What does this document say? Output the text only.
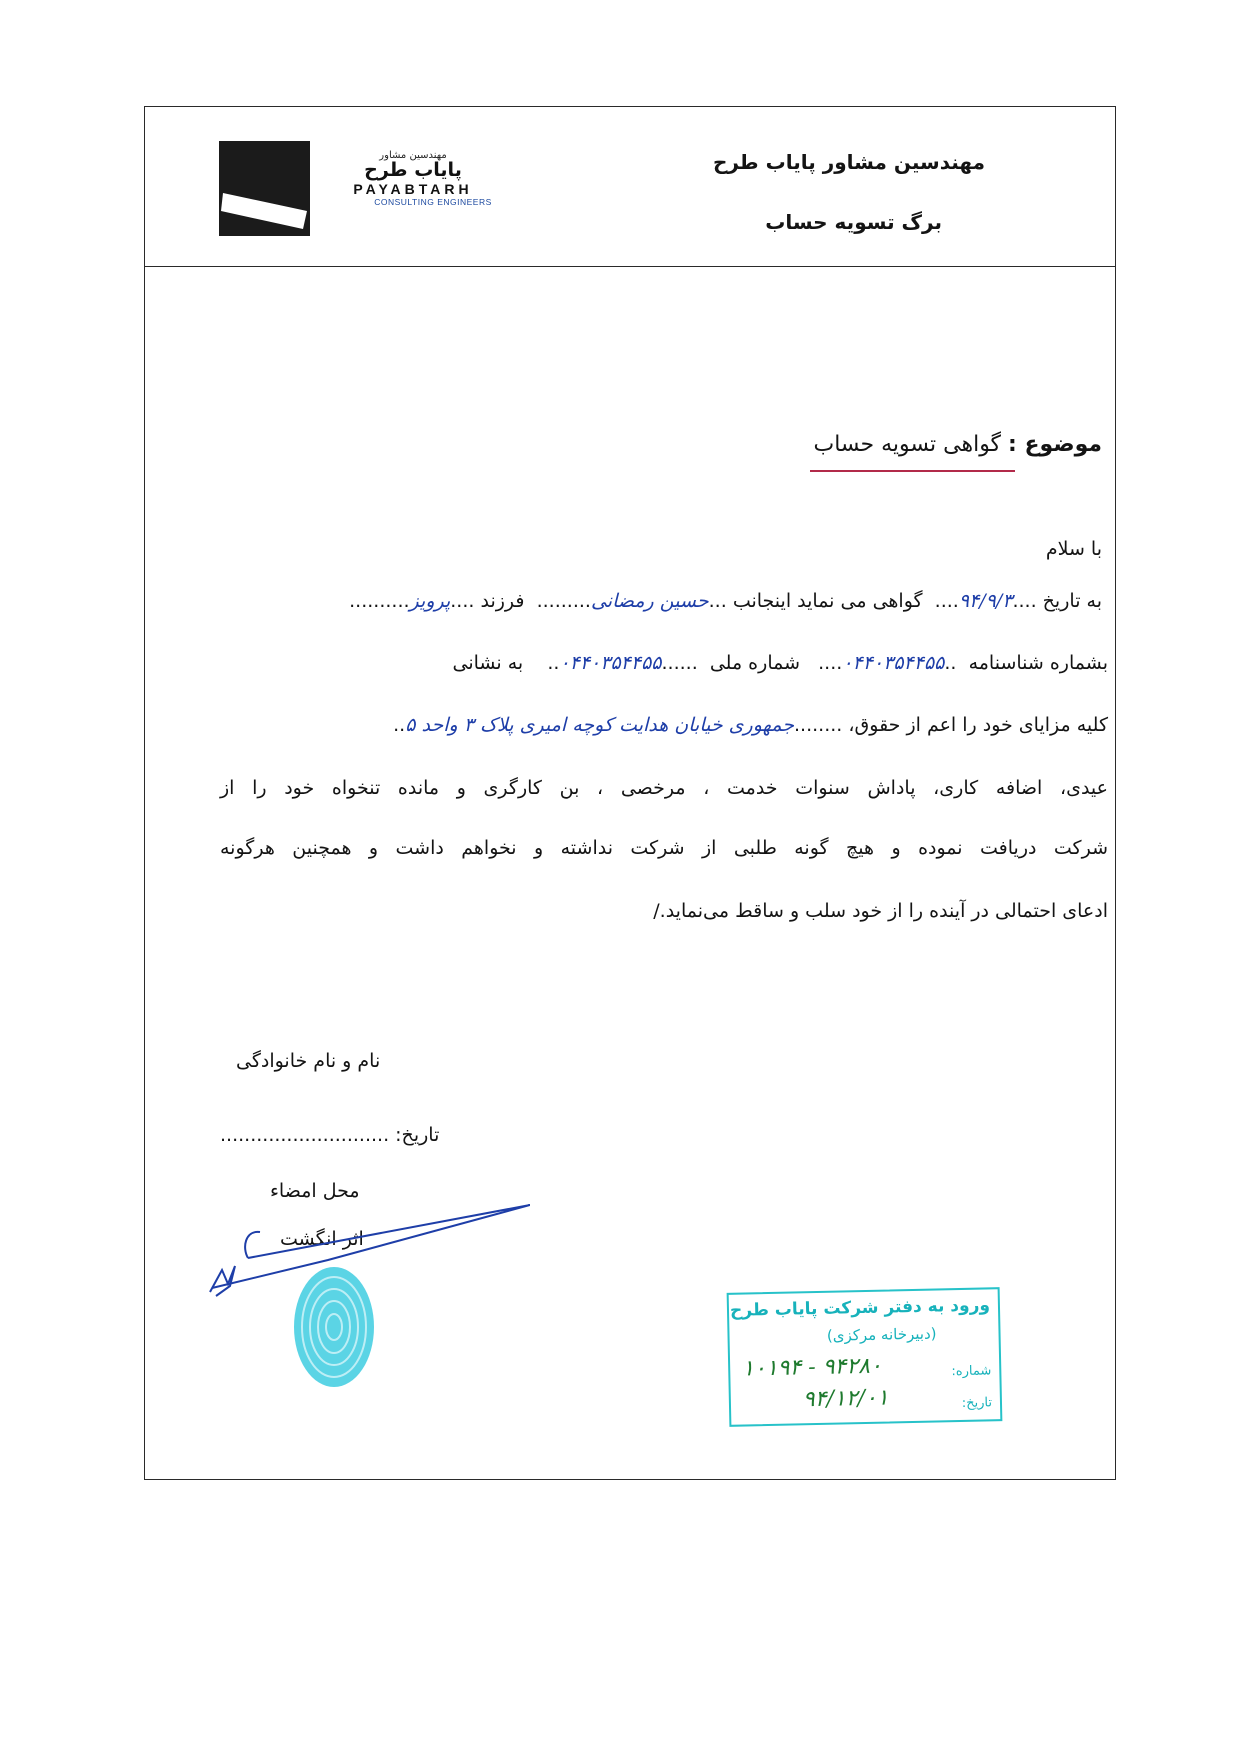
مهندسین مشاور
پایاب طرح
PAYABTARH
CONSULTING ENGINEERS
مهندسین مشاور پایاب طرح
برگ تسویه حساب
موضوع : گواهی تسویه حساب
با سلام
به تاریخ ....۹۴/۹/۳....  گواهی می نماید اینجانب ...حسین رمضانی.........  فرزند ....پرویز..........
بشماره شناسنامه  ..۰۴۴۰۳۵۴۴۵۵....   شماره ملی  ......۰۴۴۰۳۵۴۴۵۵..    به نشانی
کلیه مزایای خود را اعم از حقوق، ........جمهوری خیابان هدایت کوچه امیری پلاک ۳ واحد ۵..
عیدی، اضافه کاری، پاداش سنوات خدمت ، مرخصی ، بن کارگری و مانده تنخواه خود را از
شرکت دریافت نموده و هیچ گونه طلبی از شرکت نداشته و نخواهم داشت و همچنین هرگونه
ادعای احتمالی در آینده را از خود سلب و ساقط می‌نماید./
نام و نام خانوادگی
تاریخ: ............................
محل امضاء
اثر انگشت
ورود به دفتر شرکت پایاب طرح
(دبیرخانه مرکزی)
شماره:
۱۰۱۹۴ - ۹۴۲۸۰
تاریخ:
۹۴/۱۲/۰۱
